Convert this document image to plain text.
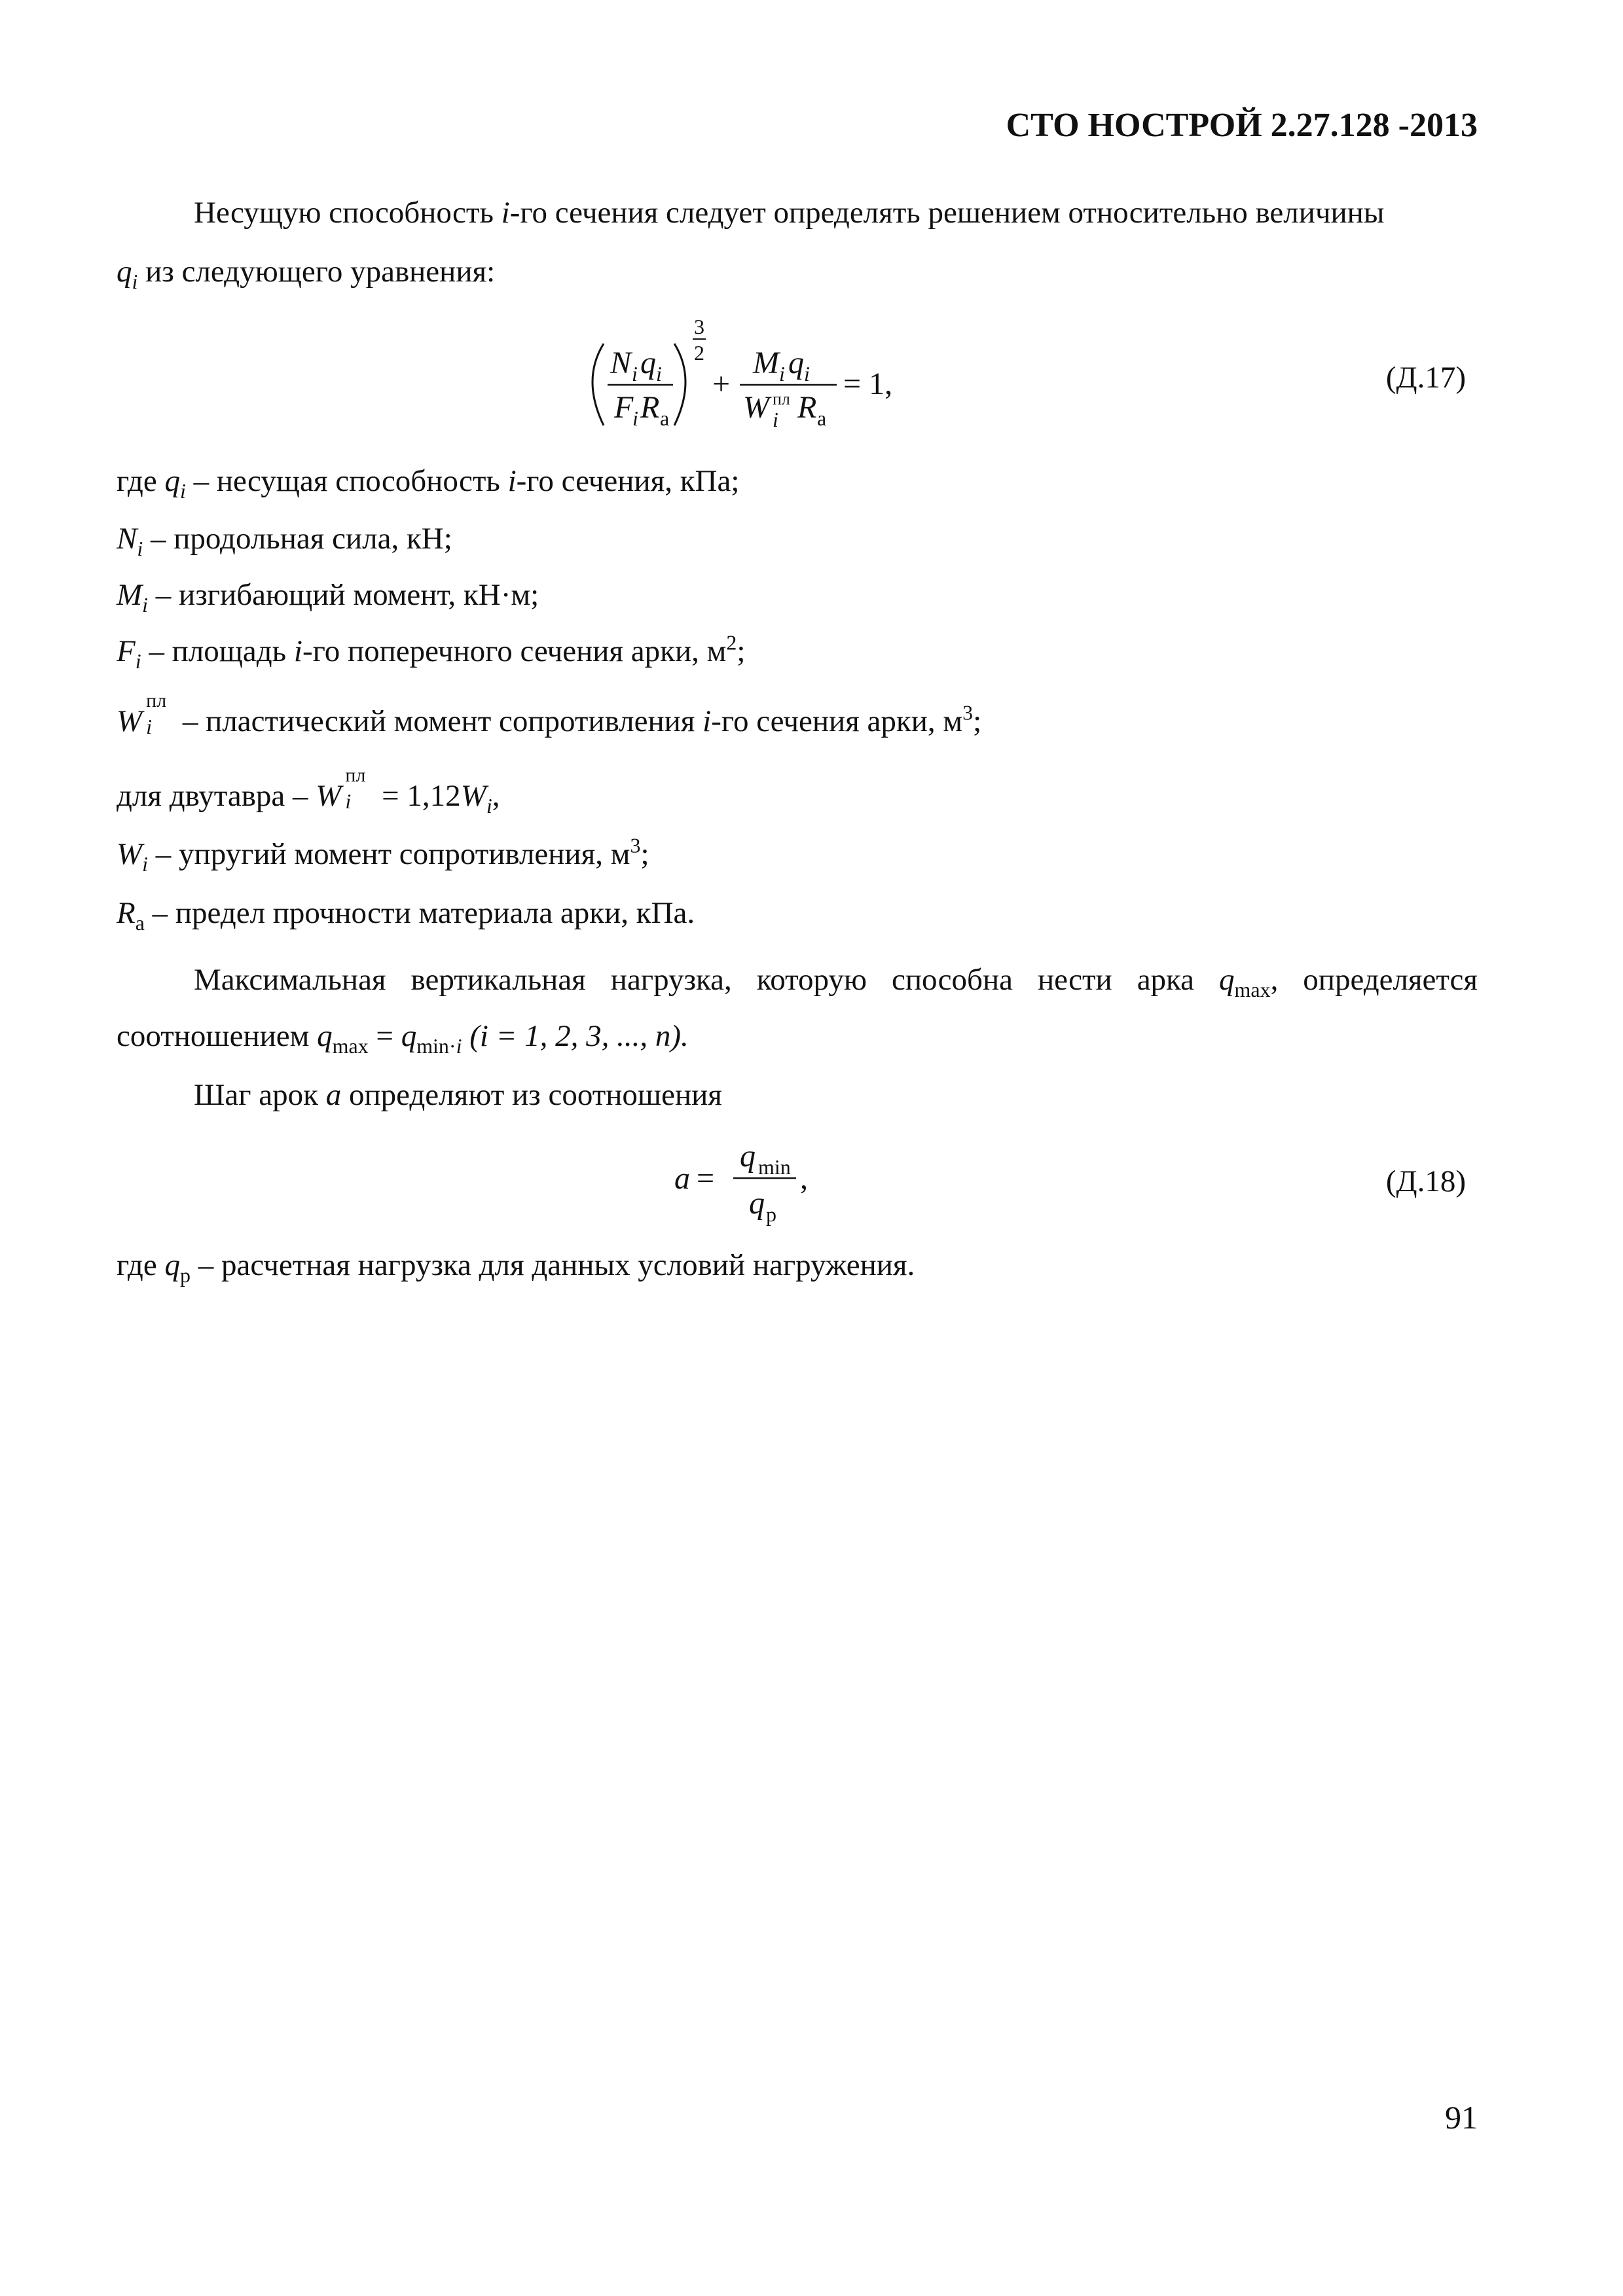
СТО НОСТРОЙ 2.27.128 -2013
Несущую способность i-го сечения следует определять решением относительно величины
$q_i$ из следующего уравнения:
N i q i
F
i R а
3
2
+
M i q i
W i
пл R а
= 1,	(Д.17)
где $q_i$ – несущая способность i-го сечения, кПа;
$N_i$ – продольная сила, кН;
$M_i$ – изгибающий момент, кН·м;
$F_i$ – площадь i-го поперечного сечения арки, $м^2$;
W
пл
i – пластический момент сопротивления i-го сечения арки, $м^3$;
для двутавра – W
пл
$i = 1,12W_i$,
$W_i$ – упругий момент сопротивления, $м^3$;
$R_а$ – предел прочности материала арки, кПа.
Максимальная вертикальная нагрузка, которую способна нести арка $q_{max}$, определяется
соотношением $q_{max} = q_{min\cdot i}$ (i = 1, 2, 3, ..., n).
Шаг арок a определяют из соотношения
a =
q min
q р
,	(Д.18)
где $q_р$ – расчетная нагрузка для данных условий нагружения.
91
